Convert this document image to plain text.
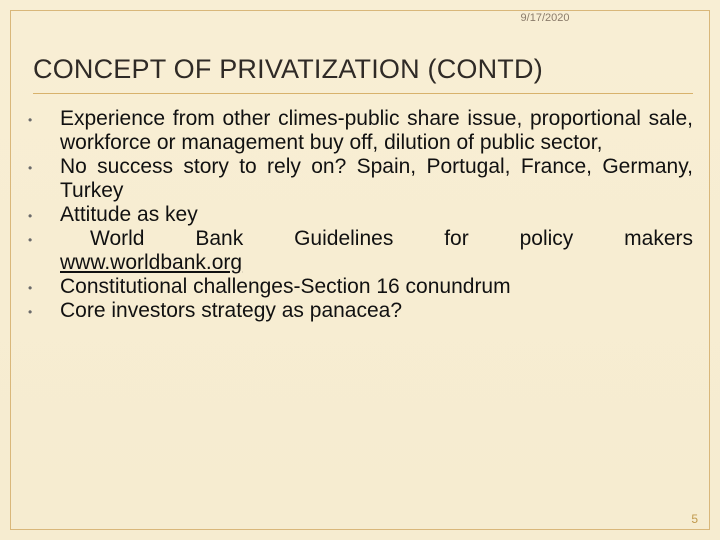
9/17/2020
CONCEPT OF PRIVATIZATION (CONTD)
• Experience from other climes-public share issue, proportional sale, workforce or management buy off, dilution of public sector,
• No success story to rely on? Spain, Portugal, France, Germany, Turkey
• Attitude as key
•	World Bank Guidelines for policy makers
www.worldbank.org
• Constitutional challenges-Section 16 conundrum
• Core investors strategy as panacea?
5
